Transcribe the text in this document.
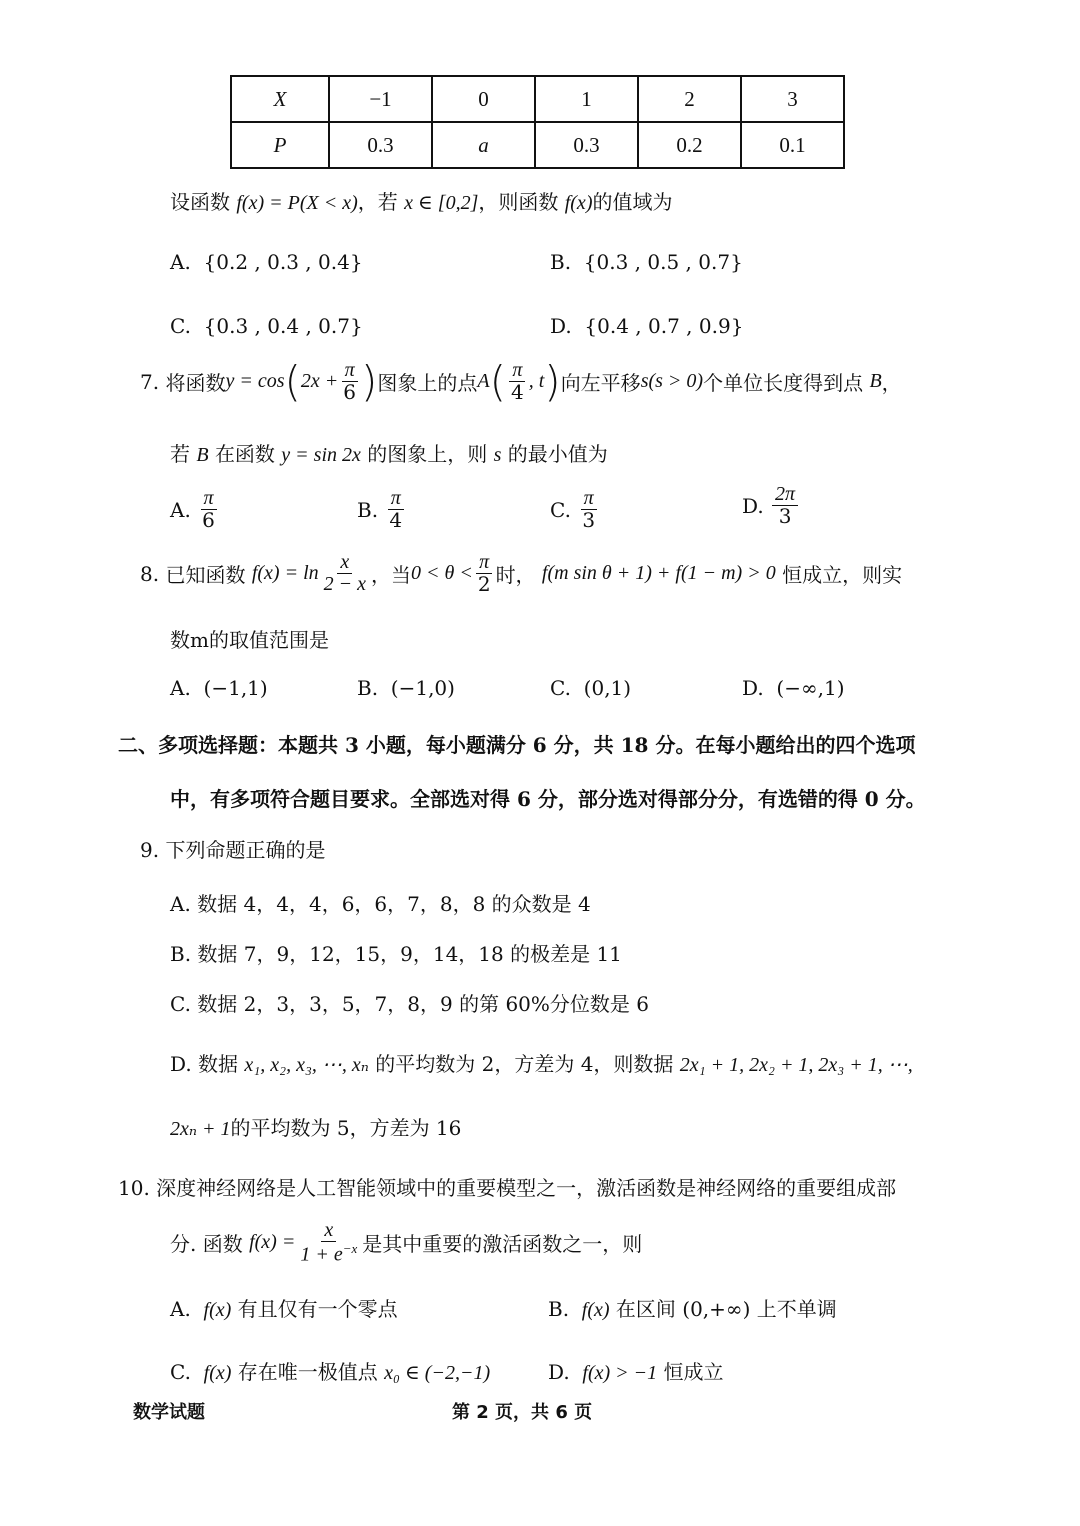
X	−1	0	1	2	3
P	0.3	a	0.3	0.2	0.1
设函数 f(x) = P(X < x)，若 x ∈ [0,2]，则函数 f(x)的值域为
A. {0.2 , 0.3 , 0.4}	B. {0.3 , 0.5 , 0.7}
C. {0.3 , 0.4 , 0.7}	D. {0.4 , 0.7 , 0.9}
7.
将函数 y = cos ( $2x + \frac{\pi}{6}$ ) 图象上的点 A ( $\frac{\pi}{4}$ , t ) 向左平移 s(s > 0) 个单位长度得到点
B ，
若 B 在函数 y = sin 2x 的图象上，则 s 的最小值为
A.
$\frac{\pi}{6}$	B.
$\frac{\pi}{4}$	C.
$\frac{\pi}{3}$	D.
$\frac{2\pi}{3}$
8.
已知函数
$f(x) = \ln \frac{x}{2 - x}$ ，当 $0 < \theta < \frac{\pi}{2}$ 时，
f(m sin θ + 1) + f(1 − m) > 0
恒成立，则实
数m的取值范围是
A. (−1,1)	B. (−1,0)	C. (0,1)	D. (−∞,1)
二、多项选择题：本题共 3 小题，每小题满分 6 分，共 18 分。在每小题给出的四个选项
中，有多项符合题目要求。全部选对得 6 分，部分选对得部分分，有选错的得 0 分。
9. 下列命题正确的是
A. 数据 4，4，4，6，6，7，8，8 的众数是 4
B. 数据 7，9，12，15，9，14，18 的极差是 11
C. 数据 2，3，3，5，7，8，9 的第 60%分位数是 6
D. 数据 x₁, x₂, x₃, ⋯, xₙ 的平均数为 2，方差为 4，则数据 2x₁ + 1, 2x₂ + 1, 2x₃ + 1, ⋯,
2xₙ + 1的平均数为 5，方差为 16
10. 深度神经网络是人工智能领域中的重要模型之一，激活函数是神经网络的重要组成部
分. 函数
$f(x) = \frac{x}{1 + e^{-x}}$ 是其中重要的激活函数之一，则
A. f(x) 有且仅有一个零点	B. f(x) 在区间 (0,+∞) 上不单调
C. f(x) 存在唯一极值点 x₀ ∈ (−2,−1)	D. f(x) > −1 恒成立
数学试题	第 2 页，共 6 页
